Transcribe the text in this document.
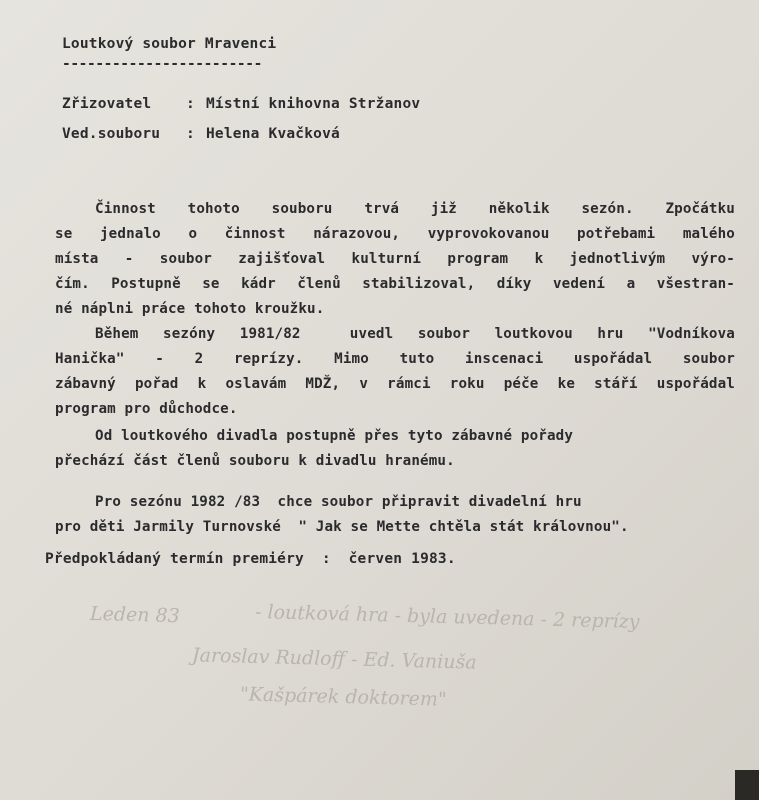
Loutkový soubor Mravenci
------------------------
Zřizovatel : Místní knihovna Stržanov
Ved.souboru : Helena Kvačková
Činnost tohoto souboru trvá již několik sezón. Zpočátku
se jednalo o činnost nárazovou, vyprovokovanou potřebami malého
místa - soubor zajišťoval kulturní program k jednotlivým výro-
čím. Postupně se kádr členů stabilizoval, díky vedení a všestran-
né náplni práce tohoto kroužku.
Během sezóny 1981/82  uvedl soubor loutkovou hru "Vodníkova
Hanička" - 2 reprízy. Mimo tuto inscenaci uspořádal soubor
zábavný pořad k oslavám MDŽ, v rámci roku péče ke stáří uspořádal
program pro důchodce.
Od loutkového divadla postupně přes tyto zábavné pořady
přechází část členů souboru k divadlu hranému.
Pro sezónu 1982 /83  chce soubor připravit divadelní hru
pro děti Jarmily Turnovské  " Jak se Mette chtěla stát královnou".
Předpokládaný termín premiéry  :  červen 1983.
Leden 83	- loutková hra - byla uvedena - 2 reprízy
Jaroslav Rudloff - Ed. Vaniuša
"Kašpárek doktorem"
